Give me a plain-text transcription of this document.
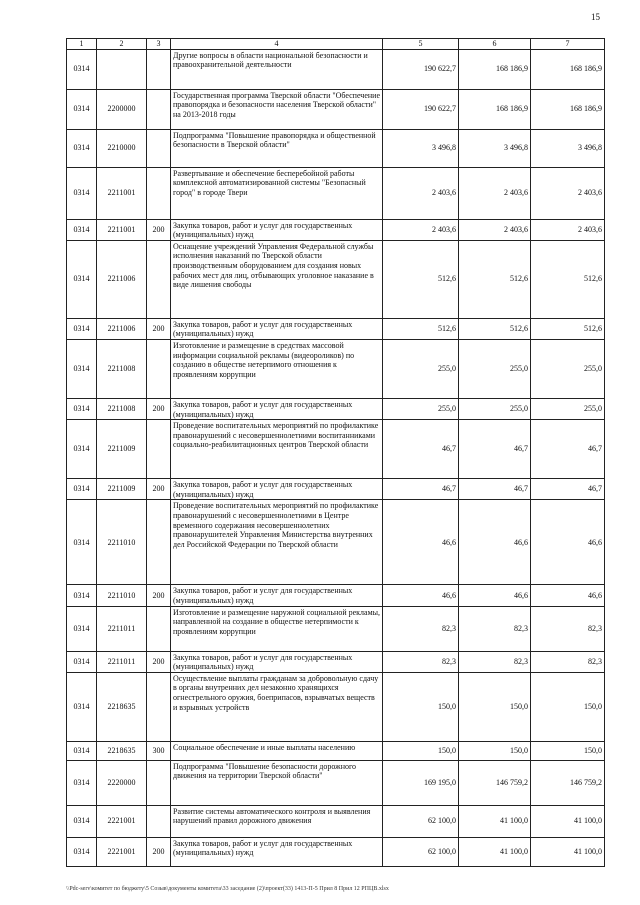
15
1	2	3	4	5	6	7
0314			Другие вопросы в области национальной безопасности и правоохранительной деятельности	190 622,7	168 186,9	168 186,9
0314	2200000		Государственная программа Тверской области "Обеспечение правопорядка и безопасности населения Тверской области" на 2013-2018 годы	190 622,7	168 186,9	168 186,9
0314	2210000		Подпрограмма "Повышение правопорядка и общественной безопасности в Тверской области"	3 496,8	3 496,8	3 496,8
0314	2211001		Развертывание и обеспечение бесперебойной работы комплексной автоматизированной системы "Безопасный город" в городе Твери	2 403,6	2 403,6	2 403,6
0314	2211001	200	Закупка товаров, работ и услуг для государственных (муниципальных) нужд	2 403,6	2 403,6	2 403,6
0314	2211006		Оснащение учреждений Управления Федеральной службы исполнения наказаний по Тверской области производственным оборудованием для создания новых рабочих мест для лиц, отбывающих уголовное наказание в виде лишения свободы	512,6	512,6	512,6
0314	2211006	200	Закупка товаров, работ и услуг для государственных (муниципальных) нужд	512,6	512,6	512,6
0314	2211008		Изготовление и размещение в средствах массовой информации социальной рекламы (видеороликов) по созданию в обществе нетерпимого отношения к проявлениям коррупции	255,0	255,0	255,0
0314	2211008	200	Закупка товаров, работ и услуг для государственных (муниципальных) нужд	255,0	255,0	255,0
0314	2211009		Проведение воспитательных мероприятий по профилактике правонарушений с несовершеннолетними воспитанниками социально-реабилитационных центров Тверской области	46,7	46,7	46,7
0314	2211009	200	Закупка товаров, работ и услуг для государственных (муниципальных) нужд	46,7	46,7	46,7
0314	2211010		Проведение воспитательных мероприятий по профилактике правонарушений с несовершеннолетними в Центре временного содержания несовершеннолетних правонарушителей Управления Министерства внутренних дел Российской Федерации по Тверской области	46,6	46,6	46,6
0314	2211010	200	Закупка товаров, работ и услуг для государственных (муниципальных) нужд	46,6	46,6	46,6
0314	2211011		Изготовление и размещение наружной социальной рекламы, направленной на создание в обществе нетерпимости к проявлениям коррупции	82,3	82,3	82,3
0314	2211011	200	Закупка товаров, работ и услуг для государственных (муниципальных) нужд	82,3	82,3	82,3
0314	2218635		Осуществление выплаты гражданам за добровольную сдачу в органы внутренних дел незаконно хранящихся огнестрельного оружия, боеприпасов, взрывчатых веществ и взрывных устройств	150,0	150,0	150,0
0314	2218635	300	Социальное обеспечение и иные выплаты населению	150,0	150,0	150,0
0314	2220000		Подпрограмма "Повышение безопасности дорожного движения на территории Тверской области"	169 195,0	146 759,2	146 759,2
0314	2221001		Развитие системы автоматического контроля и выявления нарушений правил дорожного движения	62 100,0	41 100,0	41 100,0
0314	2221001	200	Закупка товаров, работ и услуг для государственных (муниципальных) нужд	62 100,0	41 100,0	41 100,0
\\Pdc-serv\комитет по бюджету\5 Созыв\документы комитета\33 заседание (2)\проект(33) 1413-П-5 Прил 8 Прил 12 РПЦВ.xlsx
